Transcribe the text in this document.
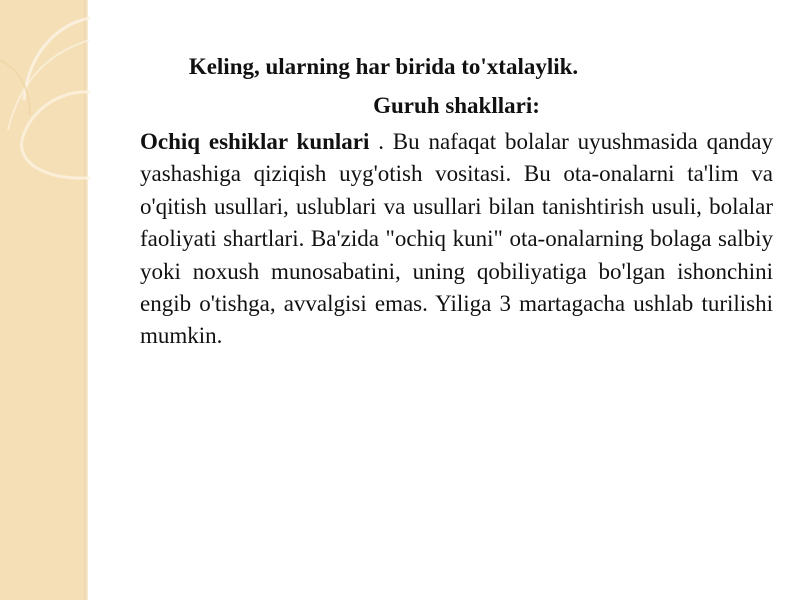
Keling, ularning har birida to'xtalaylik.

Guruh shakllari:

Ochiq eshiklar kunlari . Bu nafaqat bolalar uyushmasida qanday yashashiga qiziqish uyg'otish vositasi. Bu ota-onalarni ta'lim va o'qitish usullari, uslublari va usullari bilan tanishtirish usuli, bolalar faoliyati shartlari. Ba'zida "ochiq kuni" ota-onalarning bolaga salbiy yoki noxush munosabatini, uning qobiliyatiga bo'lgan ishonchini engib o'tishga, avvalgisi emas. Yiliga 3 martagacha ushlab turilishi mumkin.
